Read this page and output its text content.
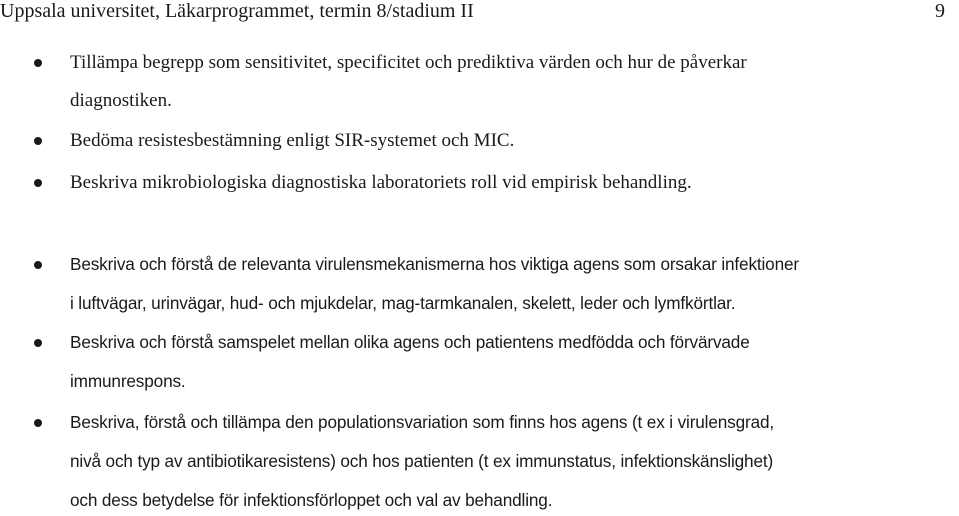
Uppsala universitet, Läkarprogrammet, termin 8/stadium II	9
Tillämpa begrepp som sensitivitet, specificitet och prediktiva värden och hur de påverkar
diagnostiken.
Bedöma resistesbestämning enligt SIR-systemet och MIC.
Beskriva mikrobiologiska diagnostiska laboratoriets roll vid empirisk behandling.
Beskriva och förstå de relevanta virulensmekanismerna hos viktiga agens som orsakar infektioner
i luftvägar, urinvägar, hud- och mjukdelar, mag-tarmkanalen, skelett, leder och lymfkörtlar.
Beskriva och förstå samspelet mellan olika agens och patientens medfödda och förvärvade
immunrespons.
Beskriva, förstå och tillämpa den populationsvariation som finns hos agens (t ex i virulensgrad,
nivå och typ av antibiotikaresistens) och hos patienten (t ex immunstatus, infektionskänslighet)
och dess betydelse för infektionsförloppet och val av behandling.
